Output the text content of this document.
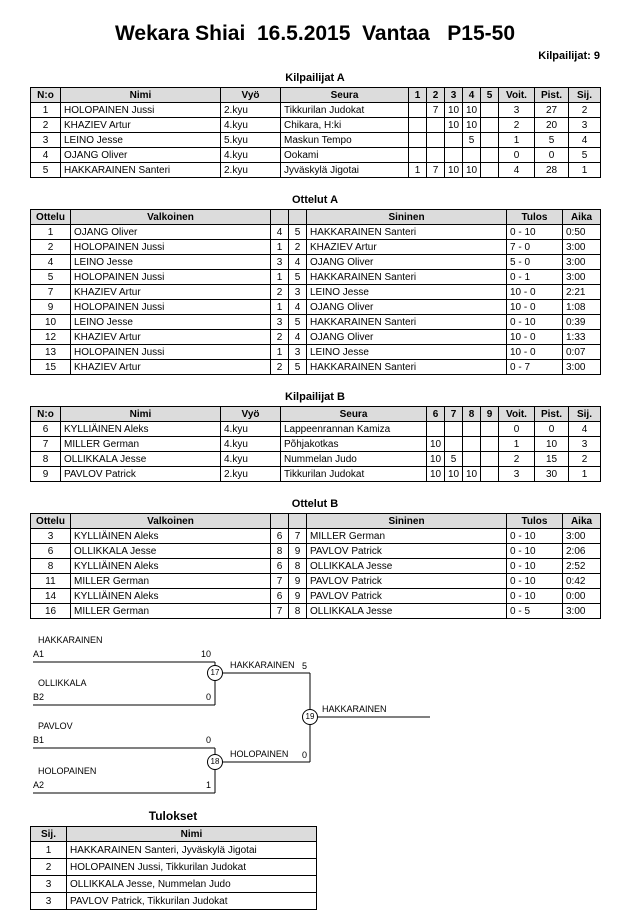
Wekara Shiai  16.5.2015  Vantaa   P15-50
Kilpailijat: 9
Kilpailijat A
N:o	Nimi	Vyö	Seura	1	2	3	4	5	Voit.	Pist.	Sij.
1	HOLOPAINEN Jussi	2.kyu	Tikkurilan Judokat		7	10	10		3	27	2
2	KHAZIEV Artur	4.kyu	Chikara, H:ki			10	10		2	20	3
3	LEINO Jesse	5.kyu	Maskun Tempo				5		1	5	4
4	OJANG Oliver	4.kyu	Ookami						0	0	5
5	HAKKARAINEN Santeri	2.kyu	Jyväskylä Jigotai	1	7	10	10		4	28	1
Ottelut A
Ottelu	Valkoinen			Sininen	Tulos	Aika
1	OJANG Oliver	4	5	HAKKARAINEN Santeri	0 - 10	0:50
2	HOLOPAINEN Jussi	1	2	KHAZIEV Artur	7 - 0	3:00
4	LEINO Jesse	3	4	OJANG Oliver	5 - 0	3:00
5	HOLOPAINEN Jussi	1	5	HAKKARAINEN Santeri	0 - 1	3:00
7	KHAZIEV Artur	2	3	LEINO Jesse	10 - 0	2:21
9	HOLOPAINEN Jussi	1	4	OJANG Oliver	10 - 0	1:08
10	LEINO Jesse	3	5	HAKKARAINEN Santeri	0 - 10	0:39
12	KHAZIEV Artur	2	4	OJANG Oliver	10 - 0	1:33
13	HOLOPAINEN Jussi	1	3	LEINO Jesse	10 - 0	0:07
15	KHAZIEV Artur	2	5	HAKKARAINEN Santeri	0 - 7	3:00
Kilpailijat B
N:o	Nimi	Vyö	Seura	6	7	8	9	Voit.	Pist.	Sij.
6	KYLLIÄINEN Aleks	4.kyu	Lappeenrannan Kamiza					0	0	4
7	MILLER German	4.kyu	Põhjakotkas	10				1	10	3
8	OLLIKKALA Jesse	4.kyu	Nummelan Judo	10	5			2	15	2
9	PAVLOV Patrick	2.kyu	Tikkurilan Judokat	10	10	10		3	30	1
Ottelut B
Ottelu	Valkoinen			Sininen	Tulos	Aika
3	KYLLIÄINEN Aleks	6	7	MILLER German	0 - 10	3:00
6	OLLIKKALA Jesse	8	9	PAVLOV Patrick	0 - 10	2:06
8	KYLLIÄINEN Aleks	6	8	OLLIKKALA Jesse	0 - 10	2:52
11	MILLER German	7	9	PAVLOV Patrick	0 - 10	0:42
14	KYLLIÄINEN Aleks	6	9	PAVLOV Patrick	0 - 10	0:00
16	MILLER German	7	8	OLLIKKALA Jesse	0 - 5	3:00
HAKKARAINEN
A1	10
OLLIKKALA
B2	0
17
HAKKARAINEN 5
PAVLOV
B1	0
HOLOPAINEN
A2	1
18
HOLOPAINEN	0
19
HAKKARAINEN
Tulokset
Sij.	Nimi
1	HAKKARAINEN Santeri, Jyväskylä Jigotai
2	HOLOPAINEN Jussi, Tikkurilan Judokat
3	OLLIKKALA Jesse, Nummelan Judo
3	PAVLOV Patrick, Tikkurilan Judokat
